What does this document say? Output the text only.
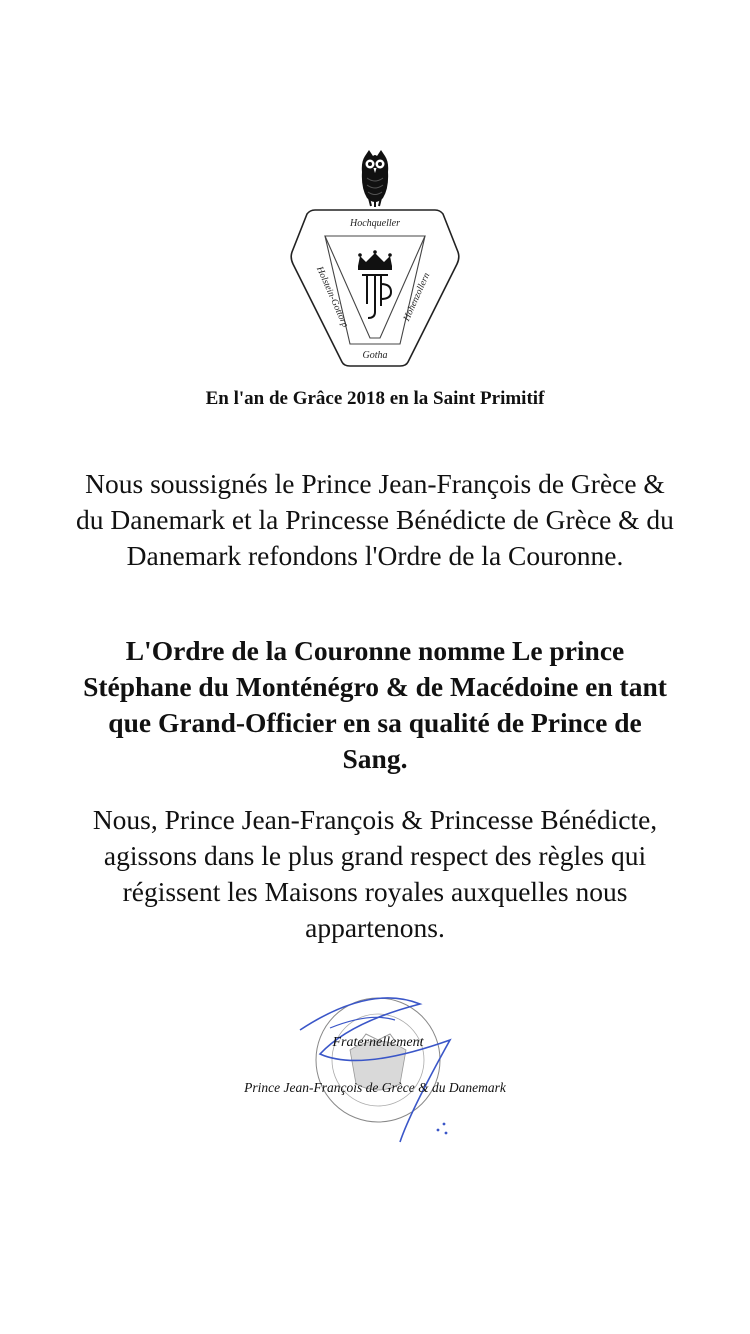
Hochqueller
Gotha
Holstein-Gottorp	Hohenzollern
En l'an de Grâce 2018 en la Saint Primitif
Nous soussignés le Prince Jean-François de Grèce & du Danemark et la Princesse Bénédicte de Grèce & du Danemark refondons l'Ordre de la Couronne.
L'Ordre de la Couronne nomme Le prince Stéphane du Monténégro & de Macédoine en tant que Grand-Officier en sa qualité de Prince de Sang.
Nous, Prince Jean-François & Princesse Bénédicte, agissons dans le plus grand respect des règles qui régissent les Maisons royales auxquelles nous appartenons.
Fraternellement
Prince Jean-François de Grèce & du Danemark
